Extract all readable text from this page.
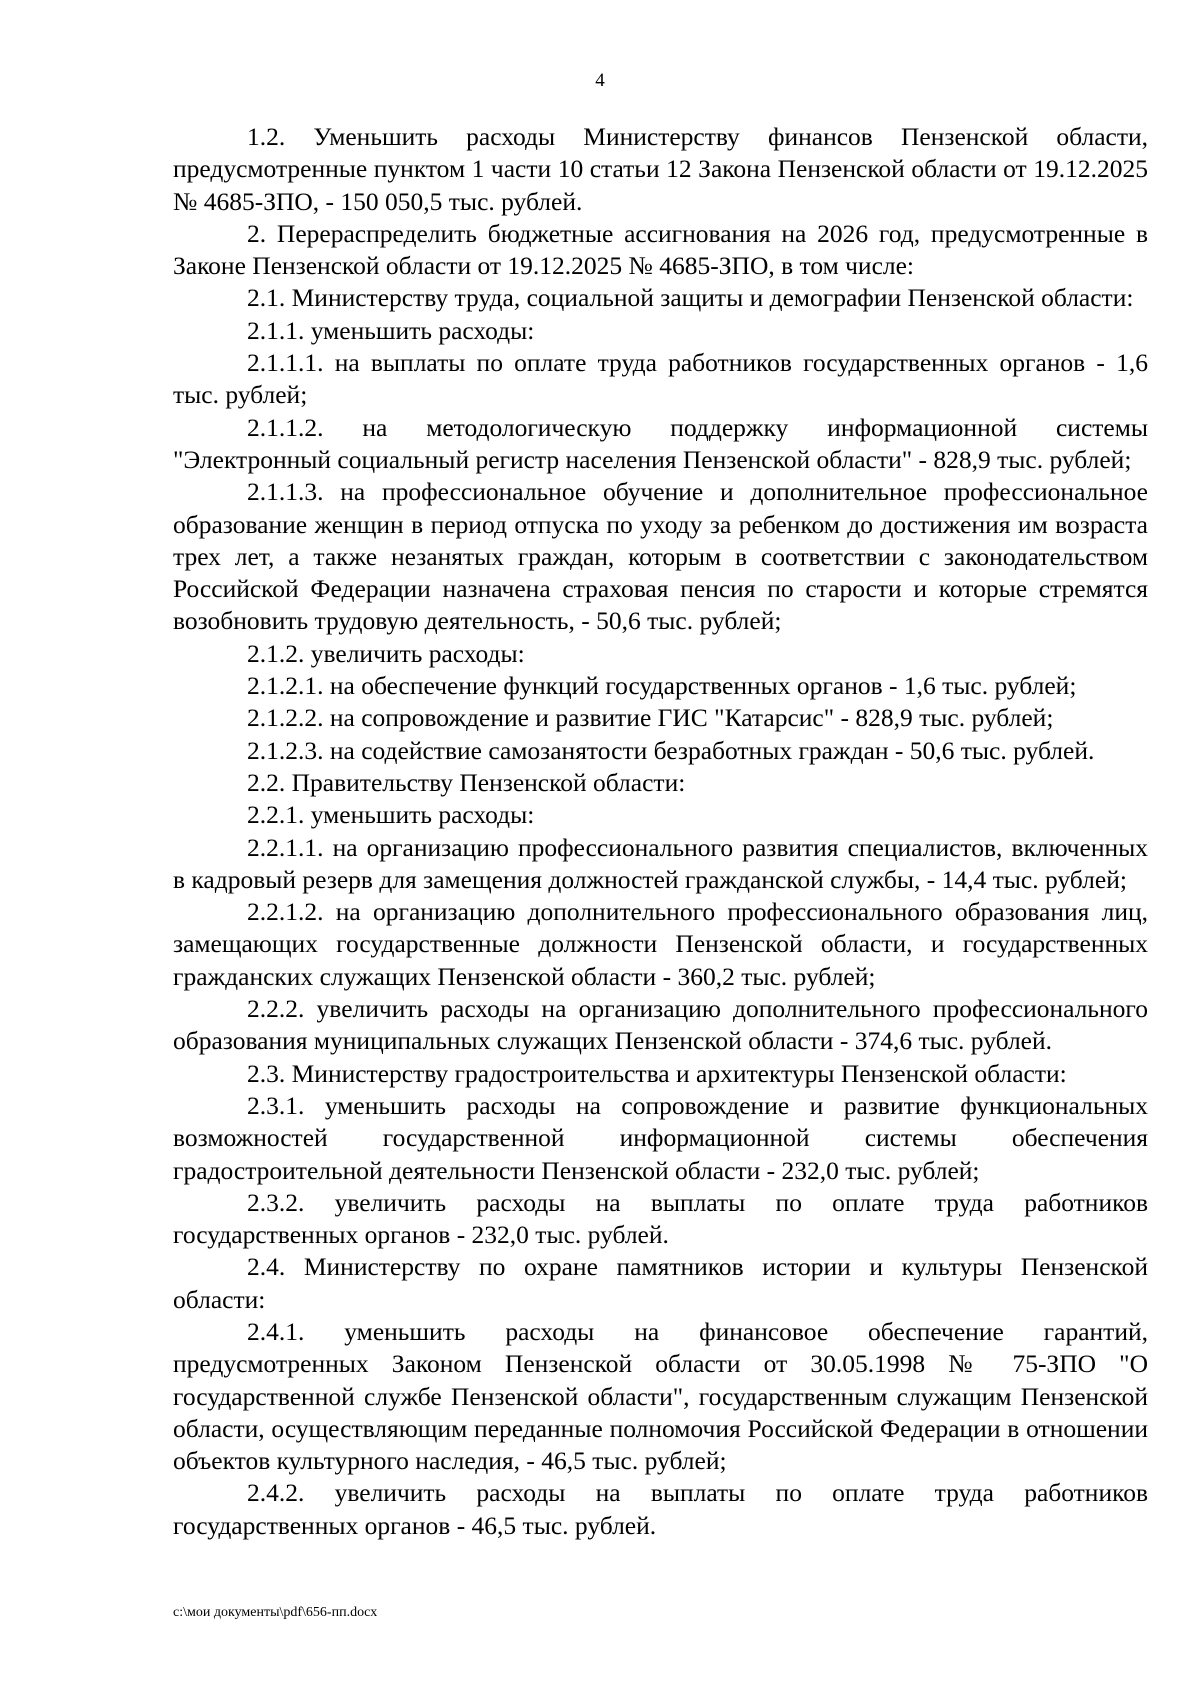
4

1.2. Уменьшить расходы Министерству финансов Пензенской области, предусмотренные пунктом 1 части 10 статьи 12 Закона Пензенской области от 19.12.2025 № 4685-ЗПО, - 150 050,5 тыс. рублей.

2. Перераспределить бюджетные ассигнования на 2026 год, предусмотренные в Законе Пензенской области от 19.12.2025 № 4685-ЗПО, в том числе:

2.1. Министерству труда, социальной защиты и демографии Пензенской области:

2.1.1. уменьшить расходы:

2.1.1.1. на выплаты по оплате труда работников государственных органов - 1,6 тыс. рублей;

2.1.1.2. на методологическую поддержку информационной системы "Электронный социальный регистр населения Пензенской области" - 828,9 тыс. рублей;

2.1.1.3. на профессиональное обучение и дополнительное профессиональное образование женщин в период отпуска по уходу за ребенком до достижения им возраста трех лет, а также незанятых граждан, которым в соответствии с законодательством Российской Федерации назначена страховая пенсия по старости и которые стремятся возобновить трудовую деятельность, - 50,6 тыс. рублей;

2.1.2. увеличить расходы:

2.1.2.1. на обеспечение функций государственных органов - 1,6 тыс. рублей;

2.1.2.2. на сопровождение и развитие ГИС "Катарсис" - 828,9 тыс. рублей;

2.1.2.3. на содействие самозанятости безработных граждан - 50,6 тыс. рублей.

2.2. Правительству Пензенской области:

2.2.1. уменьшить расходы:

2.2.1.1. на организацию профессионального развития специалистов, включенных в кадровый резерв для замещения должностей гражданской службы, - 14,4 тыс. рублей;

2.2.1.2. на организацию дополнительного профессионального образования лиц, замещающих государственные должности Пензенской области, и государственных гражданских служащих Пензенской области - 360,2 тыс. рублей;

2.2.2. увеличить расходы на организацию дополнительного профессионального образования муниципальных служащих Пензенской области - 374,6 тыс. рублей.

2.3. Министерству градостроительства и архитектуры Пензенской области:

2.3.1. уменьшить расходы на сопровождение и развитие функциональных возможностей государственной информационной системы обеспечения градостроительной деятельности Пензенской области - 232,0 тыс. рублей;

2.3.2. увеличить расходы на выплаты по оплате труда работников государственных органов - 232,0 тыс. рублей.

2.4. Министерству по охране памятников истории и культуры Пензенской области:

2.4.1. уменьшить расходы на финансовое обеспечение гарантий, предусмотренных Законом Пензенской области от 30.05.1998 № 75-ЗПО "О государственной службе Пензенской области", государственным служащим Пензенской области, осуществляющим переданные полномочия Российской Федерации в отношении объектов культурного наследия, - 46,5 тыс. рублей;

2.4.2. увеличить расходы на выплаты по оплате труда работников государственных органов - 46,5 тыс. рублей.

c:\мои документы\pdf\656-пп.docx
